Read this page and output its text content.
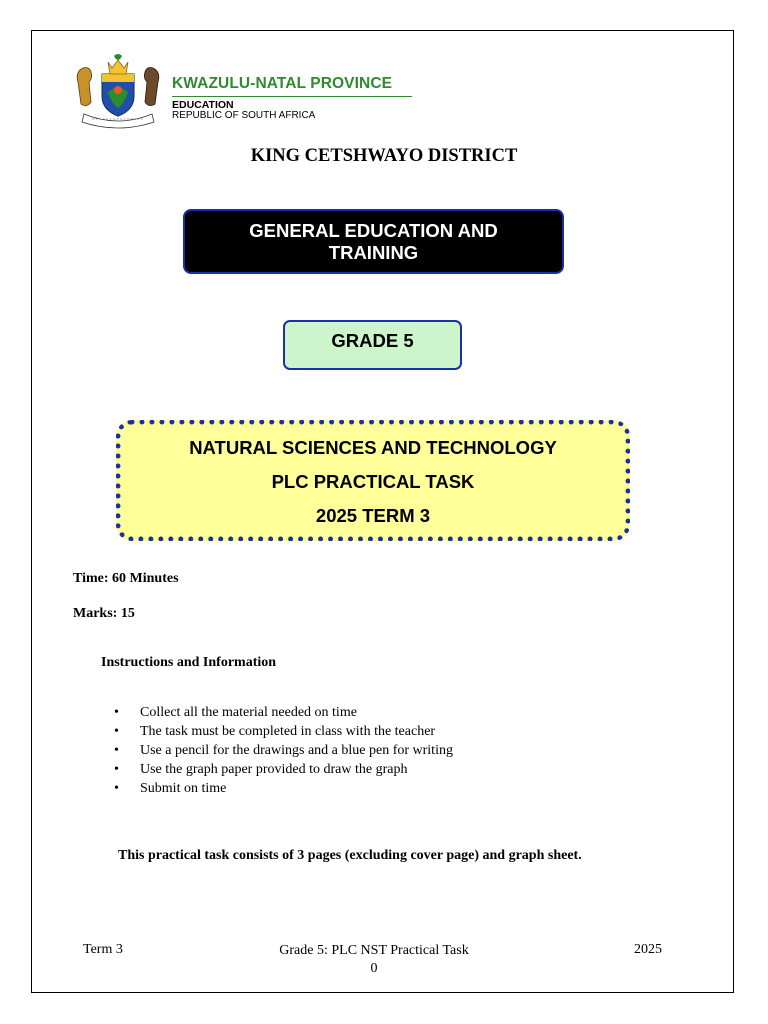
KWAZULU-NATAL PROVINCE
EDUCATION
REPUBLIC OF SOUTH AFRICA
KING CETSHWAYO DISTRICT
GENERAL EDUCATION AND TRAINING
GRADE 5
NATURAL SCIENCES AND TECHNOLOGY
PLC PRACTICAL TASK
2025 TERM 3
Time: 60 Minutes
Marks: 15
Instructions and Information
• Collect all the material needed on time
• The task must be completed in class with the teacher
• Use a pencil for the drawings and a blue pen for writing
• Use the graph paper provided to draw the graph
• Submit on time
This practical task consists of 3 pages (excluding cover page) and graph sheet.
Term 3	Grade 5: PLC NST Practical Task
0
2025
